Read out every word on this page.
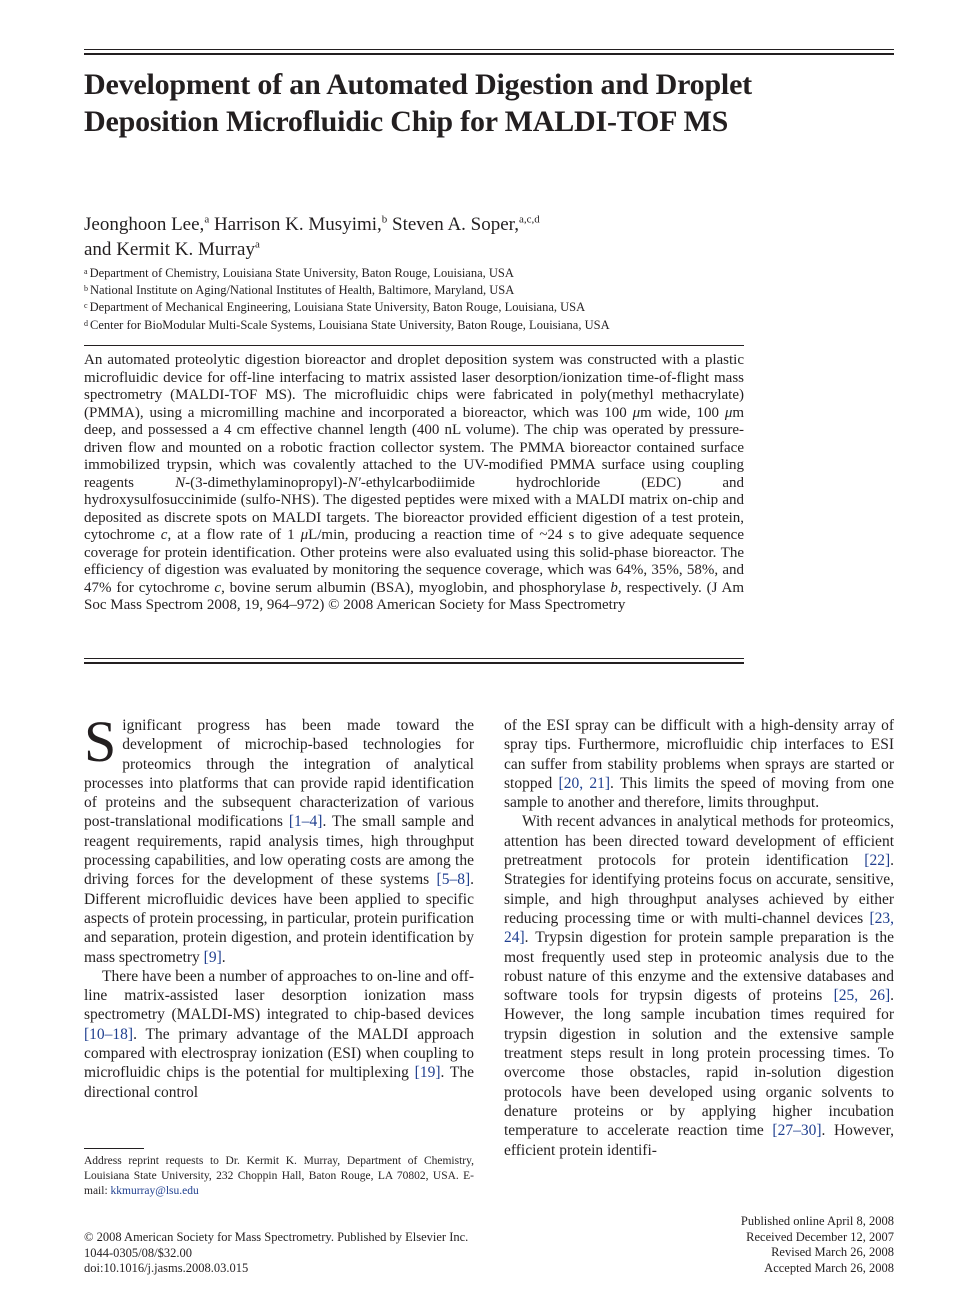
Development of an Automated Digestion and Droplet Deposition Microfluidic Chip for MALDI-TOF MS
Jeonghoon Lee,$^a$ Harrison K. Musyimi,$^b$ Steven A. Soper,$^{a,c,d}$
and Kermit K. Murray$^a$
$^a$ Department of Chemistry, Louisiana State University, Baton Rouge, Louisiana, USA
$^b$ National Institute on Aging/National Institutes of Health, Baltimore, Maryland, USA
$^c$ Department of Mechanical Engineering, Louisiana State University, Baton Rouge, Louisiana, USA
$^d$ Center for BioModular Multi-Scale Systems, Louisiana State University, Baton Rouge, Louisiana, USA

An automated proteolytic digestion bioreactor and droplet deposition system was constructed with a plastic microfluidic device for off-line interfacing to matrix assisted laser desorption/ionization time-of-flight mass spectrometry (MALDI-TOF MS). The microfluidic chips were fabricated in poly(methyl methacrylate) (PMMA), using a micromilling machine and incorporated a bioreactor, which was 100 μm wide, 100 μm deep, and possessed a 4 cm effective channel length (400 nL volume). The chip was operated by pressure-driven flow and mounted on a robotic fraction collector system. The PMMA bioreactor contained surface immobilized trypsin, which was covalently attached to the UV-modified PMMA surface using coupling reagents N-(3-dimethylaminopropyl)-N′-ethylcarbodiimide hydrochloride (EDC) and hydroxysulfosuccinimide (sulfo-NHS). The digested peptides were mixed with a MALDI matrix on-chip and deposited as discrete spots on MALDI targets. The bioreactor provided efficient digestion of a test protein, cytochrome c, at a flow rate of 1 μL/min, producing a reaction time of ~24 s to give adequate sequence coverage for protein identification. Other proteins were also evaluated using this solid-phase bioreactor. The efficiency of digestion was evaluated by monitoring the sequence coverage, which was 64%, 35%, 58%, and 47% for cytochrome c, bovine serum albumin (BSA), myoglobin, and phosphorylase b, respectively. (J Am Soc Mass Spectrom 2008, 19, 964–972) © 2008 American Society for Mass Spectrometry

Significant progress has been made toward the development of microchip-based technologies for proteomics through the integration of analytical processes into platforms that can provide rapid identification of proteins and the subsequent characterization of various post-translational modifications [1–4]. The small sample and reagent requirements, rapid analysis times, high throughput processing capabilities, and low operating costs are among the driving forces for the development of these systems [5–8]. Different microfluidic devices have been applied to specific aspects of protein processing, in particular, protein purification and separation, protein digestion, and protein identification by mass spectrometry [9].

There have been a number of approaches to on-line and off-line matrix-assisted laser desorption ionization mass spectrometry (MALDI-MS) integrated to chip-based devices [10–18]. The primary advantage of the MALDI approach compared with electrospray ionization (ESI) when coupling to microfluidic chips is the potential for multiplexing [19]. The directional control

of the ESI spray can be difficult with a high-density array of spray tips. Furthermore, microfluidic chip interfaces to ESI can suffer from stability problems when sprays are started or stopped [20, 21]. This limits the speed of moving from one sample to another and therefore, limits throughput.

With recent advances in analytical methods for proteomics, attention has been directed toward development of efficient pretreatment protocols for protein identification [22]. Strategies for identifying proteins focus on accurate, sensitive, simple, and high throughput analyses achieved by either reducing processing time or with multi-channel devices [23, 24]. Trypsin digestion for protein sample preparation is the most frequently used step in proteomic analysis due to the robust nature of this enzyme and the extensive databases and software tools for trypsin digests of proteins [25, 26]. However, the long sample incubation times required for trypsin digestion in solution and the extensive sample treatment steps result in long protein processing times. To overcome those obstacles, rapid in-solution digestion protocols have been developed using organic solvents to denature proteins or by applying higher incubation temperature to accelerate reaction time [27–30]. However, efficient protein identifi-

Address reprint requests to Dr. Kermit K. Murray, Department of Chemistry, Louisiana State University, 232 Choppin Hall, Baton Rouge, LA 70802, USA. E-mail: kkmurray@lsu.edu
© 2008 American Society for Mass Spectrometry. Published by Elsevier Inc.
1044-0305/08/$32.00
doi:10.1016/j.jasms.2008.03.015
Published online April 8, 2008
Received December 12, 2007
Revised March 26, 2008
Accepted March 26, 2008
